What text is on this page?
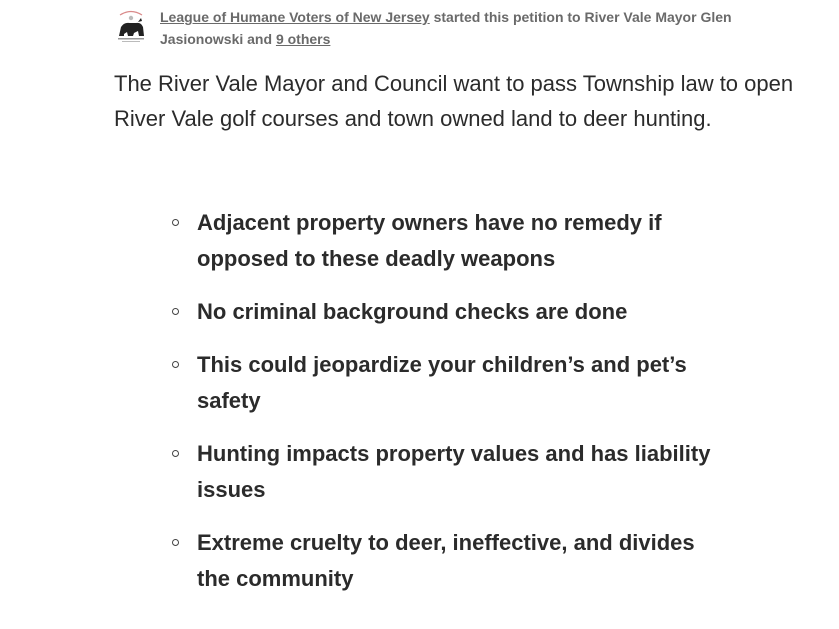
League of Humane Voters of New Jersey started this petition to River Vale Mayor Glen Jasionowski and 9 others

The River Vale Mayor and Council want to pass Township law to open River Vale golf courses and town owned land to deer hunting.

Adjacent property owners have no remedy if opposed to these deadly weapons
No criminal background checks are done
This could jeopardize your children’s and pet’s safety
Hunting impacts property values and has liability issues
Extreme cruelty to deer, ineffective, and divides the community
